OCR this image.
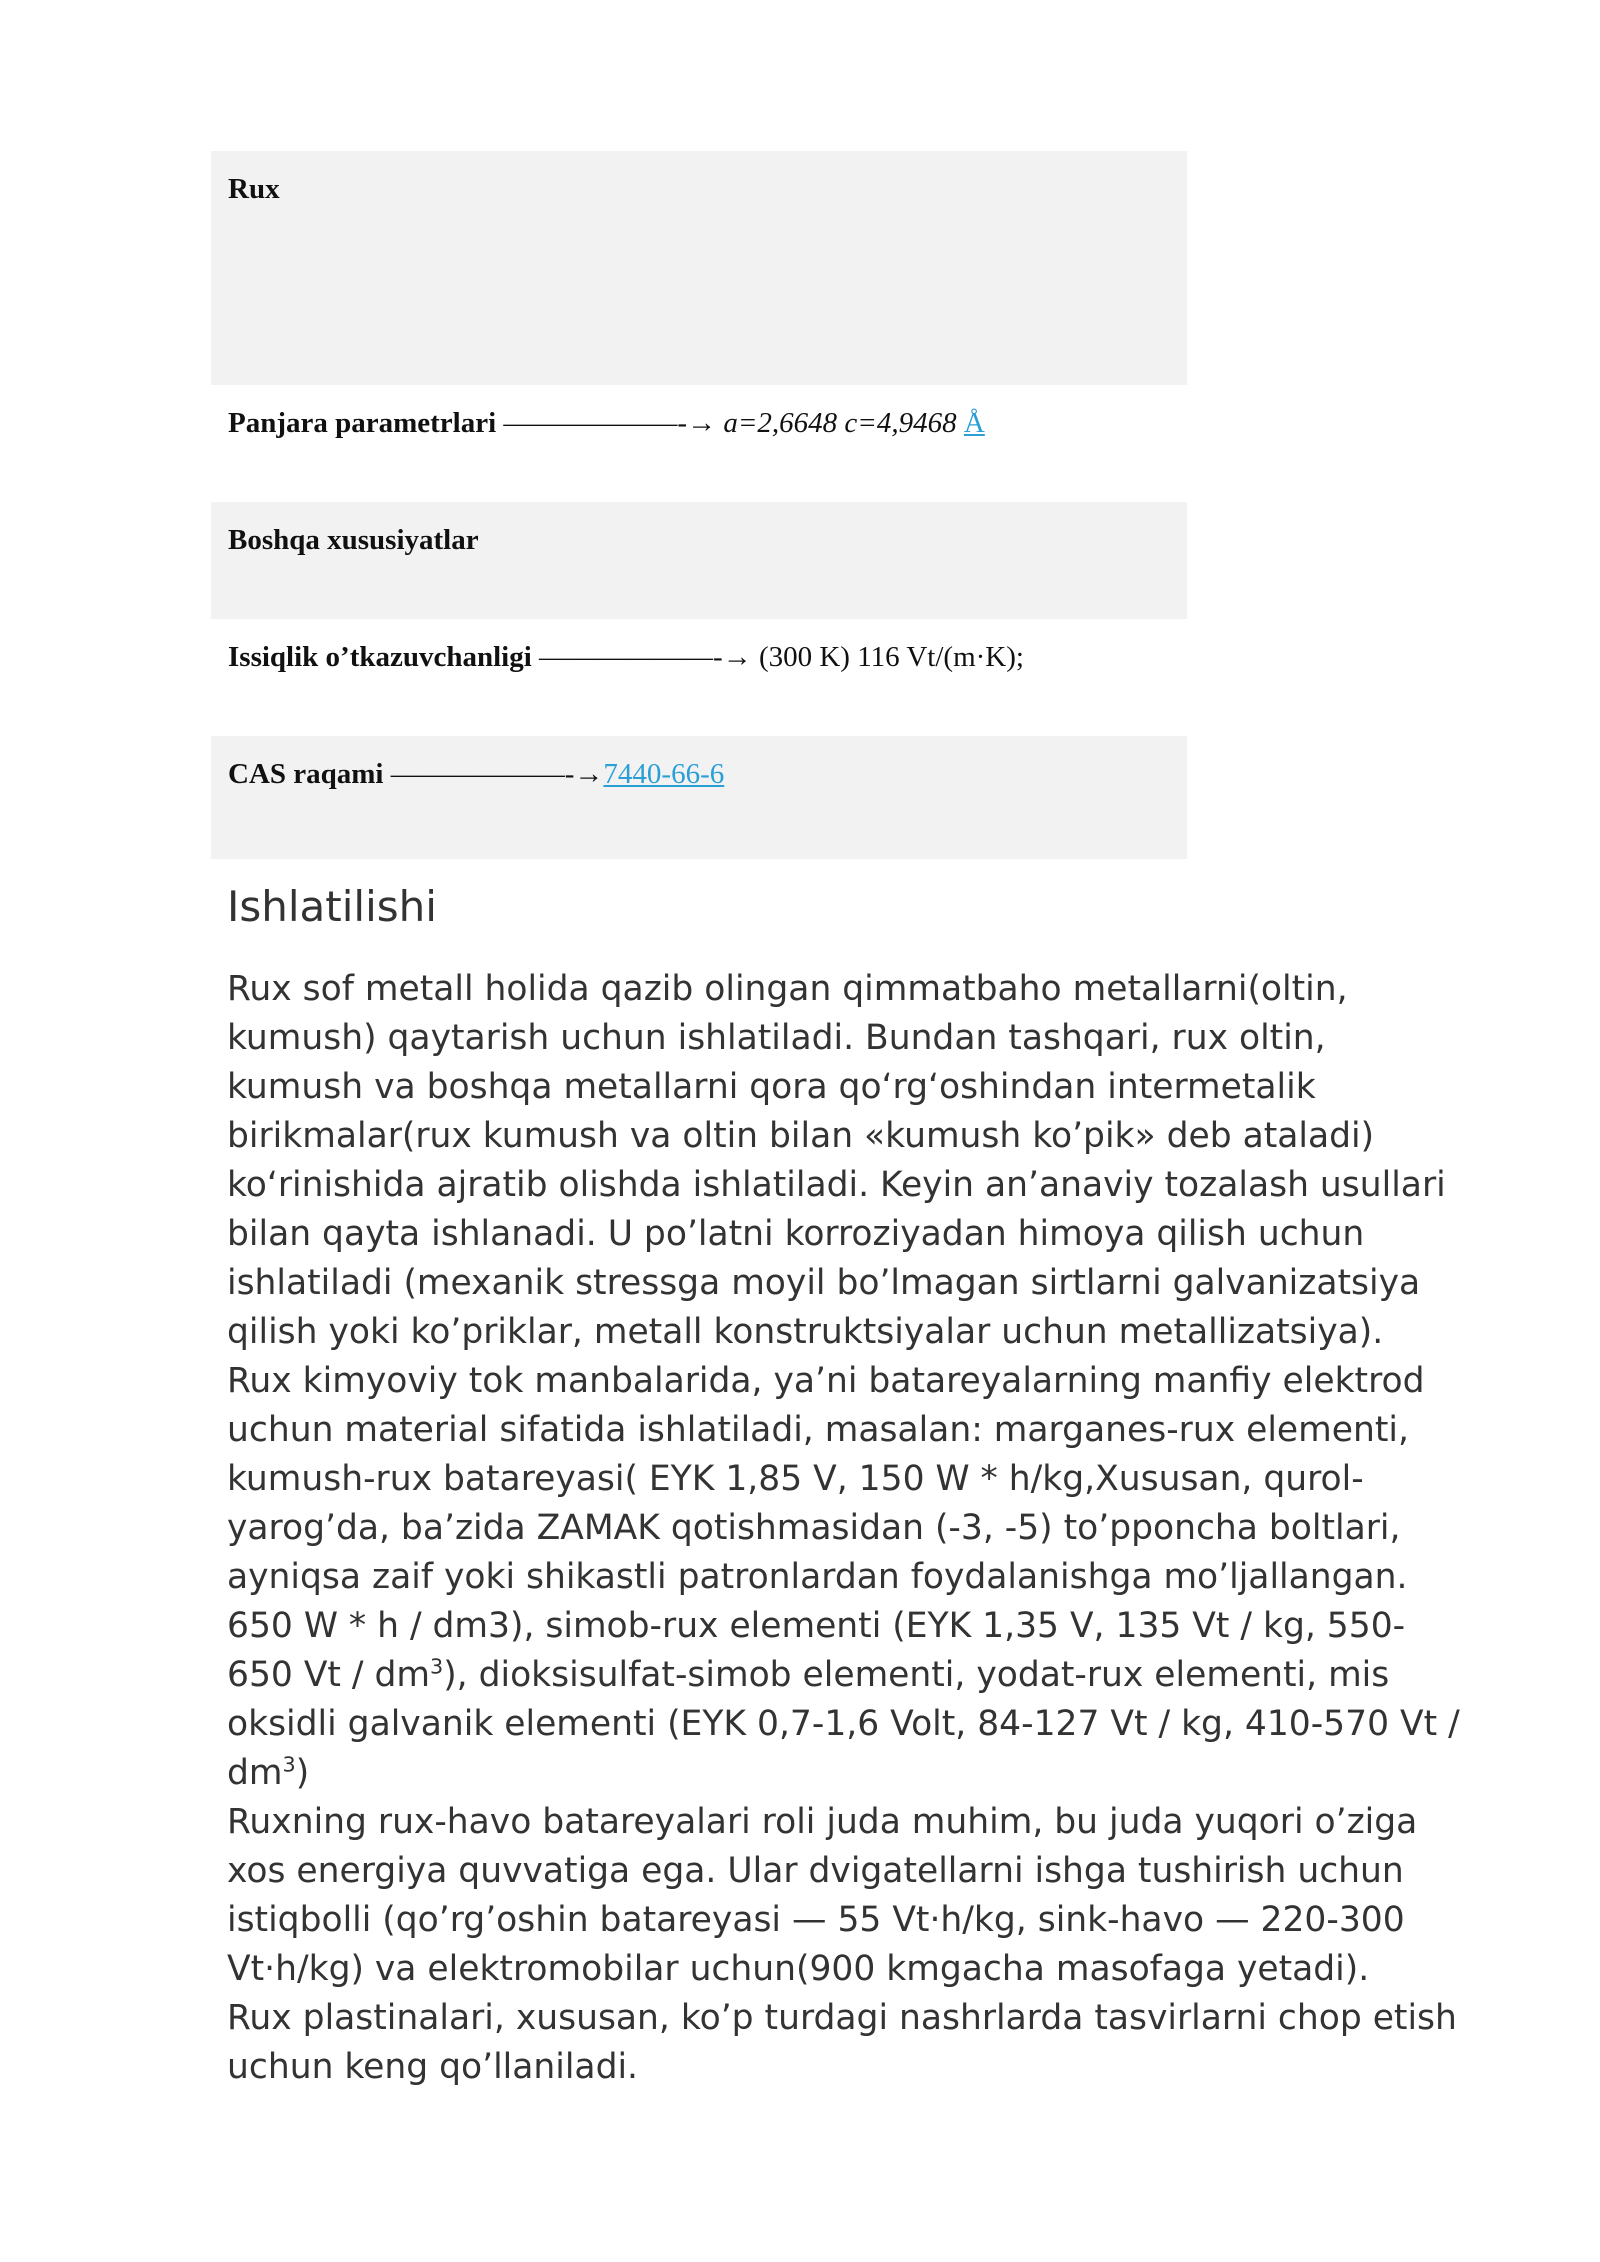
Rux
Panjara parametrlari ——————-→ a=2,6648 c=4,9468 Å
Boshqa xususiyatlar
Issiqlik o’tkazuvchanligi ——————-→ (300 K) 116 Vt/(m·K);
CAS raqami ——————-→7440-66-6
Ishlatilishi

Rux sof metall holida qazib olingan qimmatbaho metallarni(oltin, kumush) qaytarish uchun ishlatiladi. Bundan tashqari, rux oltin, kumush va boshqa metallarni qora qoʻrgʻoshindan intermetalik birikmalar(rux kumush va oltin bilan «kumush ko’pik» deb ataladi) koʻrinishida ajratib olishda ishlatiladi. Keyin an’anaviy tozalash usullari bilan qayta ishlanadi. U po’latni korroziyadan himoya qilish uchun ishlatiladi (mexanik stressga moyil bo’lmagan sirtlarni galvanizatsiya qilish yoki ko’priklar, metall konstruktsiyalar uchun metallizatsiya).

Rux kimyoviy tok manbalarida, ya’ni batareyalarning manfiy elektrod uchun material sifatida ishlatiladi, masalan: marganes-rux elementi, kumush-rux batareyasi( EYK 1,85 V, 150 W * h/kg,Xususan, qurol-yarog’da, ba’zida ZAMAK qotishmasidan (-3, -5) to’pponcha boltlari, ayniqsa zaif yoki shikastli patronlardan foydalanishga mo’ljallangan. 650 W * h / dm3), simob-rux elementi (EYK 1,35 V, 135 Vt / kg, 550-650 Vt / $dm^3$), dioksisulfat-simob elementi, yodat-rux elementi, mis oksidli galvanik elementi (EYK 0,7-1,6 Volt, 84-127 Vt / kg, 410-570 Vt / $dm^3$)

Ruxning rux-havo batareyalari roli juda muhim, bu juda yuqori o’ziga xos energiya quvvatiga ega. Ular dvigatellarni ishga tushirish uchun istiqbolli (qo’rg’oshin batareyasi — 55 Vt·h/kg, sink-havo — 220-300 Vt·h/kg) va elektromobilar uchun(900 kmgacha masofaga yetadi).

Rux plastinalari, xususan, ko’p turdagi nashrlarda tasvirlarni chop etish uchun keng qo’llaniladi.
